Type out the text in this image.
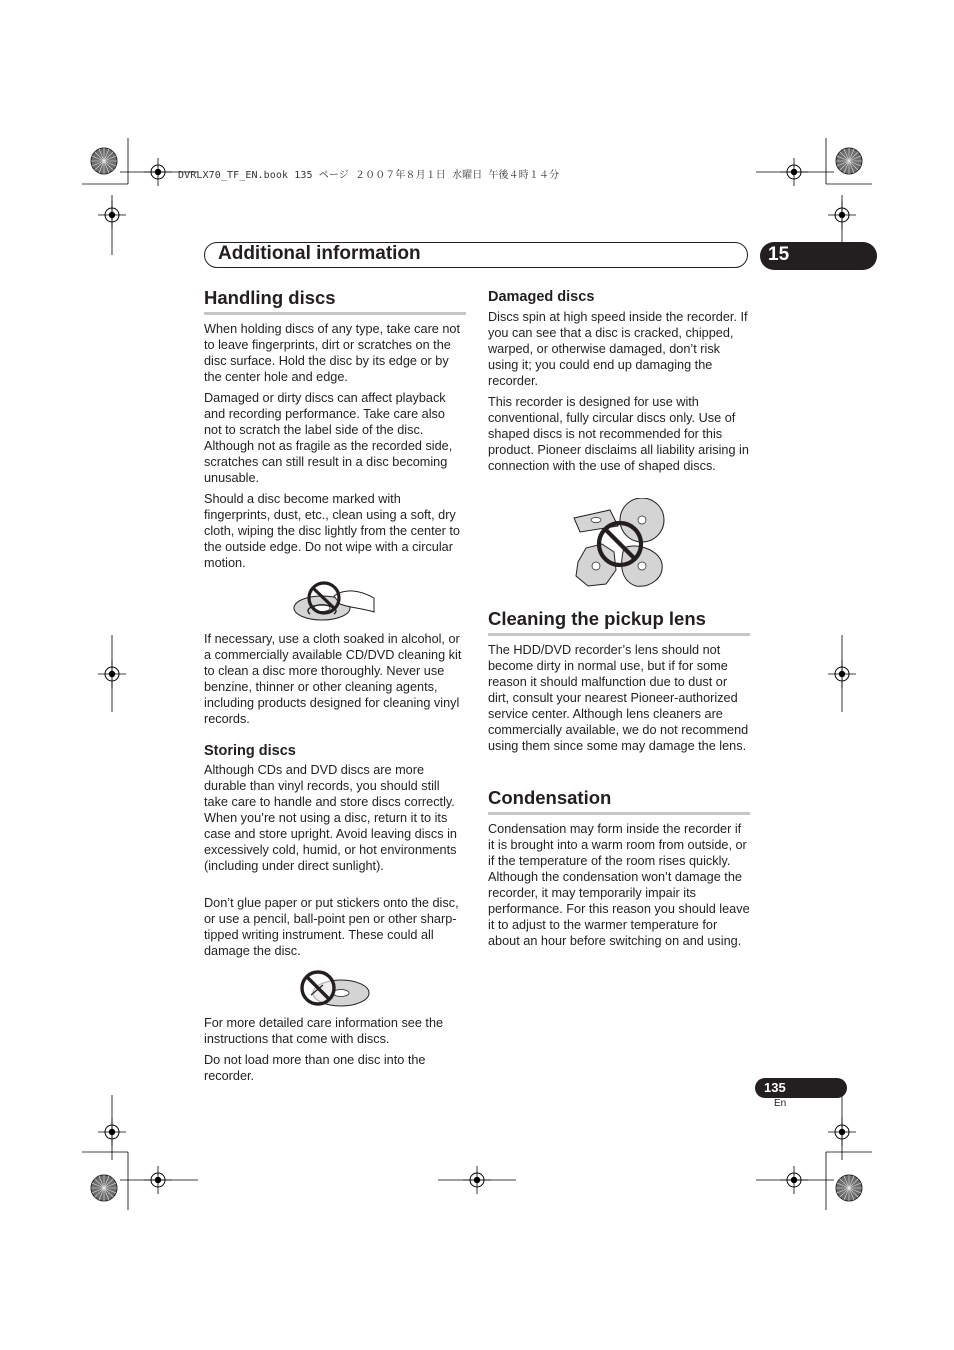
DVRLX70_TF_EN.book 135 ページ ２００７年８月１日 水曜日 午後４時１４分
Additional information	15
Handling discs

When holding discs of any type, take care not to leave fingerprints, dirt or scratches on the disc surface. Hold the disc by its edge or by the center hole and edge.

Damaged or dirty discs can affect playback and recording performance. Take care also not to scratch the label side of the disc. Although not as fragile as the recorded side, scratches can still result in a disc becoming unusable.

Should a disc become marked with fingerprints, dust, etc., clean using a soft, dry cloth, wiping the disc lightly from the center to the outside edge. Do not wipe with a circular motion.

If necessary, use a cloth soaked in alcohol, or a commercially available CD/DVD cleaning kit to clean a disc more thoroughly. Never use benzine, thinner or other cleaning agents, including products designed for cleaning vinyl records.

Storing discs

Although CDs and DVD discs are more durable than vinyl records, you should still take care to handle and store discs correctly. When you’re not using a disc, return it to its case and store upright. Avoid leaving discs in excessively cold, humid, or hot environments (including under direct sunlight).

Don’t glue paper or put stickers onto the disc, or use a pencil, ball-point pen or other sharp-tipped writing instrument. These could all damage the disc.

For more detailed care information see the instructions that come with discs.

Do not load more than one disc into the recorder.

Damaged discs

Discs spin at high speed inside the recorder. If you can see that a disc is cracked, chipped, warped, or otherwise damaged, don’t risk using it; you could end up damaging the recorder.

This recorder is designed for use with conventional, fully circular discs only. Use of shaped discs is not recommended for this product. Pioneer disclaims all liability arising in connection with the use of shaped discs.

Cleaning the pickup lens

The HDD/DVD recorder’s lens should not become dirty in normal use, but if for some reason it should malfunction due to dust or dirt, consult your nearest Pioneer-authorized service center. Although lens cleaners are commercially available, we do not recommend using them since some may damage the lens.

Condensation

Condensation may form inside the recorder if it is brought into a warm room from outside, or if the temperature of the room rises quickly. Although the condensation won’t damage the recorder, it may temporarily impair its performance. For this reason you should leave it to adjust to the warmer temperature for about an hour before switching on and using.

135
En
